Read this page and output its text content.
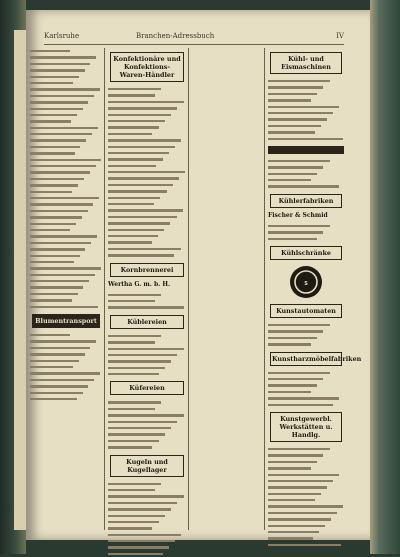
Karlsruhe	Branchen-Adressbuch	IV
Blumentransport
Konfektionäre und Konfektions-Waren-Händler
Kornbrennerei
Wertha G. m. b. H.
Küblereien
Küfereien
Kugeln und Kugellager
Kühl- und Eismaschinen
Kühlerfabriken
Fischer & Schmid
Kühlschränke
S
Kunstautomaten
Kunstharzmöbelfabriken
Kunstgewerbl. Werkstätten u. Handlg.
